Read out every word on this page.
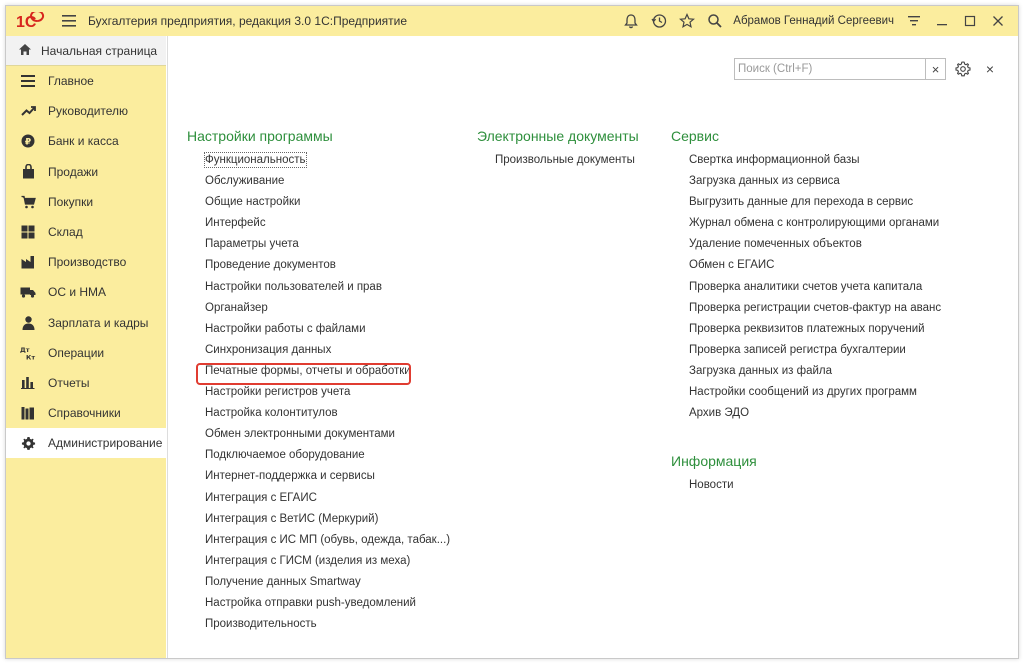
1C	Бухгалтерия предприятия, редакция 3.0 1С:Предприятие	Абрамов Геннадий Сергеевич
Начальная страница
Главное
Руководителю
₽ Банк и касса
Продажи
Покупки
Склад
Производство
ОС и НМА
Зарплата и кадры
Дт
Кт Операции
Отчеты
Справочники
Администрирование
Поиск (Ctrl+F)
×	×
Настройки программы
Функциональность
Обслуживание
Общие настройки
Интерфейс
Параметры учета
Проведение документов
Настройки пользователей и прав
Органайзер
Настройки работы с файлами
Синхронизация данных
Печатные формы, отчеты и обработки
Настройки регистров учета
Настройка колонтитулов
Обмен электронными документами
Подключаемое оборудование
Интернет-поддержка и сервисы
Интеграция с ЕГАИС
Интеграция с ВетИС (Меркурий)
Интеграция с ИС МП (обувь, одежда, табак...)
Интеграция с ГИСМ (изделия из меха)
Получение данных Smartway
Настройка отправки push-уведомлений
Производительность
Электронные документы
Произвольные документы
Сервис
Свертка информационной базы
Загрузка данных из сервиса
Выгрузить данные для перехода в сервис
Журнал обмена с контролирующими органами
Удаление помеченных объектов
Обмен с ЕГАИС
Проверка аналитики счетов учета капитала
Проверка регистрации счетов-фактур на аванс
Проверка реквизитов платежных поручений
Проверка записей регистра бухгалтерии
Загрузка данных из файла
Настройки сообщений из других программ
Архив ЭДО
Информация
Новости
